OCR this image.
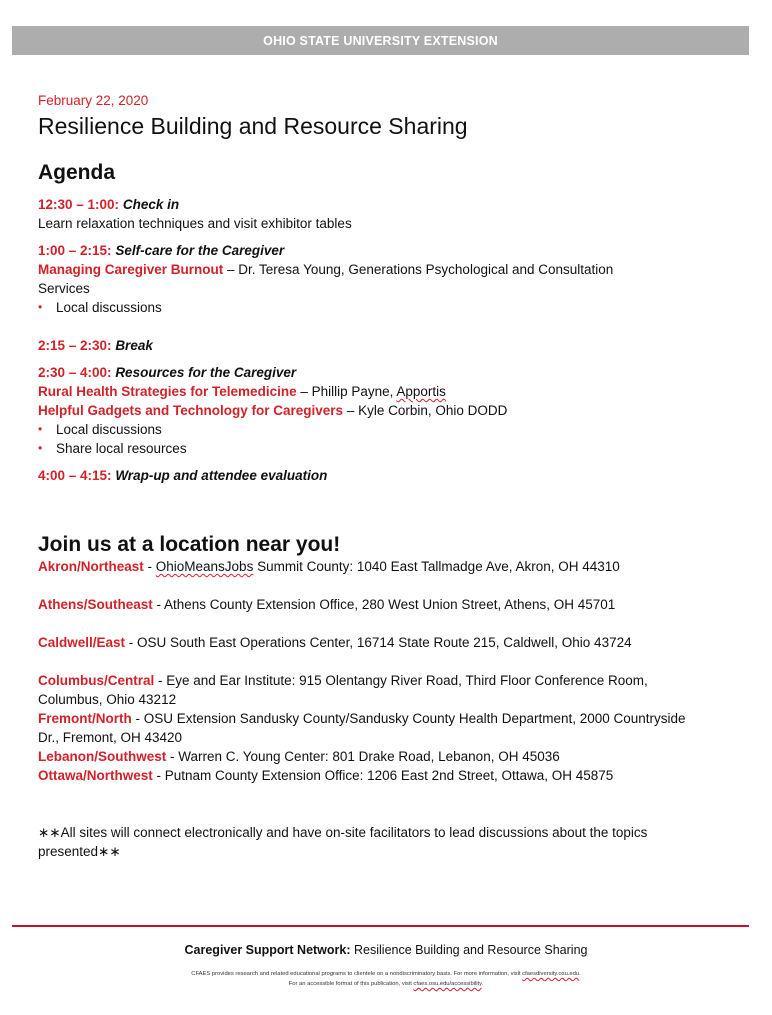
OHIO STATE UNIVERSITY EXTENSION
February 22, 2020
Resilience Building and Resource Sharing
Agenda
12:30 – 1:00: Check in
Learn relaxation techniques and visit exhibitor tables
1:00 – 2:15: Self-care for the Caregiver
Managing Caregiver Burnout – Dr. Teresa Young, Generations Psychological and Consultation Services
•	Local discussions
2:15 – 2:30: Break
2:30 – 4:00: Resources for the Caregiver
Rural Health Strategies for Telemedicine – Phillip Payne, Apportis
Helpful Gadgets and Technology for Caregivers – Kyle Corbin, Ohio DODD
•	Local discussions
•	Share local resources
4:00 – 4:15: Wrap-up and attendee evaluation
Join us at a location near you!
Akron/Northeast - OhioMeansJobs Summit County: 1040 East Tallmadge Ave, Akron, OH 44310
Athens/Southeast - Athens County Extension Office, 280 West Union Street, Athens, OH 45701
Caldwell/East - OSU South East Operations Center, 16714 State Route 215, Caldwell, Ohio 43724
Columbus/Central - Eye and Ear Institute: 915 Olentangy River Road, Third Floor Conference Room, Columbus, Ohio 43212
Fremont/North - OSU Extension Sandusky County/Sandusky County Health Department, 2000 Countryside Dr., Fremont, OH 43420
Lebanon/Southwest - Warren C. Young Center: 801 Drake Road, Lebanon, OH 45036
Ottawa/Northwest - Putnam County Extension Office: 1206 East 2nd Street, Ottawa, OH 45875
∗∗All sites will connect electronically and have on-site facilitators to lead discussions about the topics presented∗∗
Caregiver Support Network: Resilience Building and Resource Sharing
CFAES provides research and related educational programs to clientele on a nondiscriminatory basis. For more information, visit cfaesdiversity.osu.edu.
For an accessible format of this publication, visit cfaes.osu.edu/accessibility.
